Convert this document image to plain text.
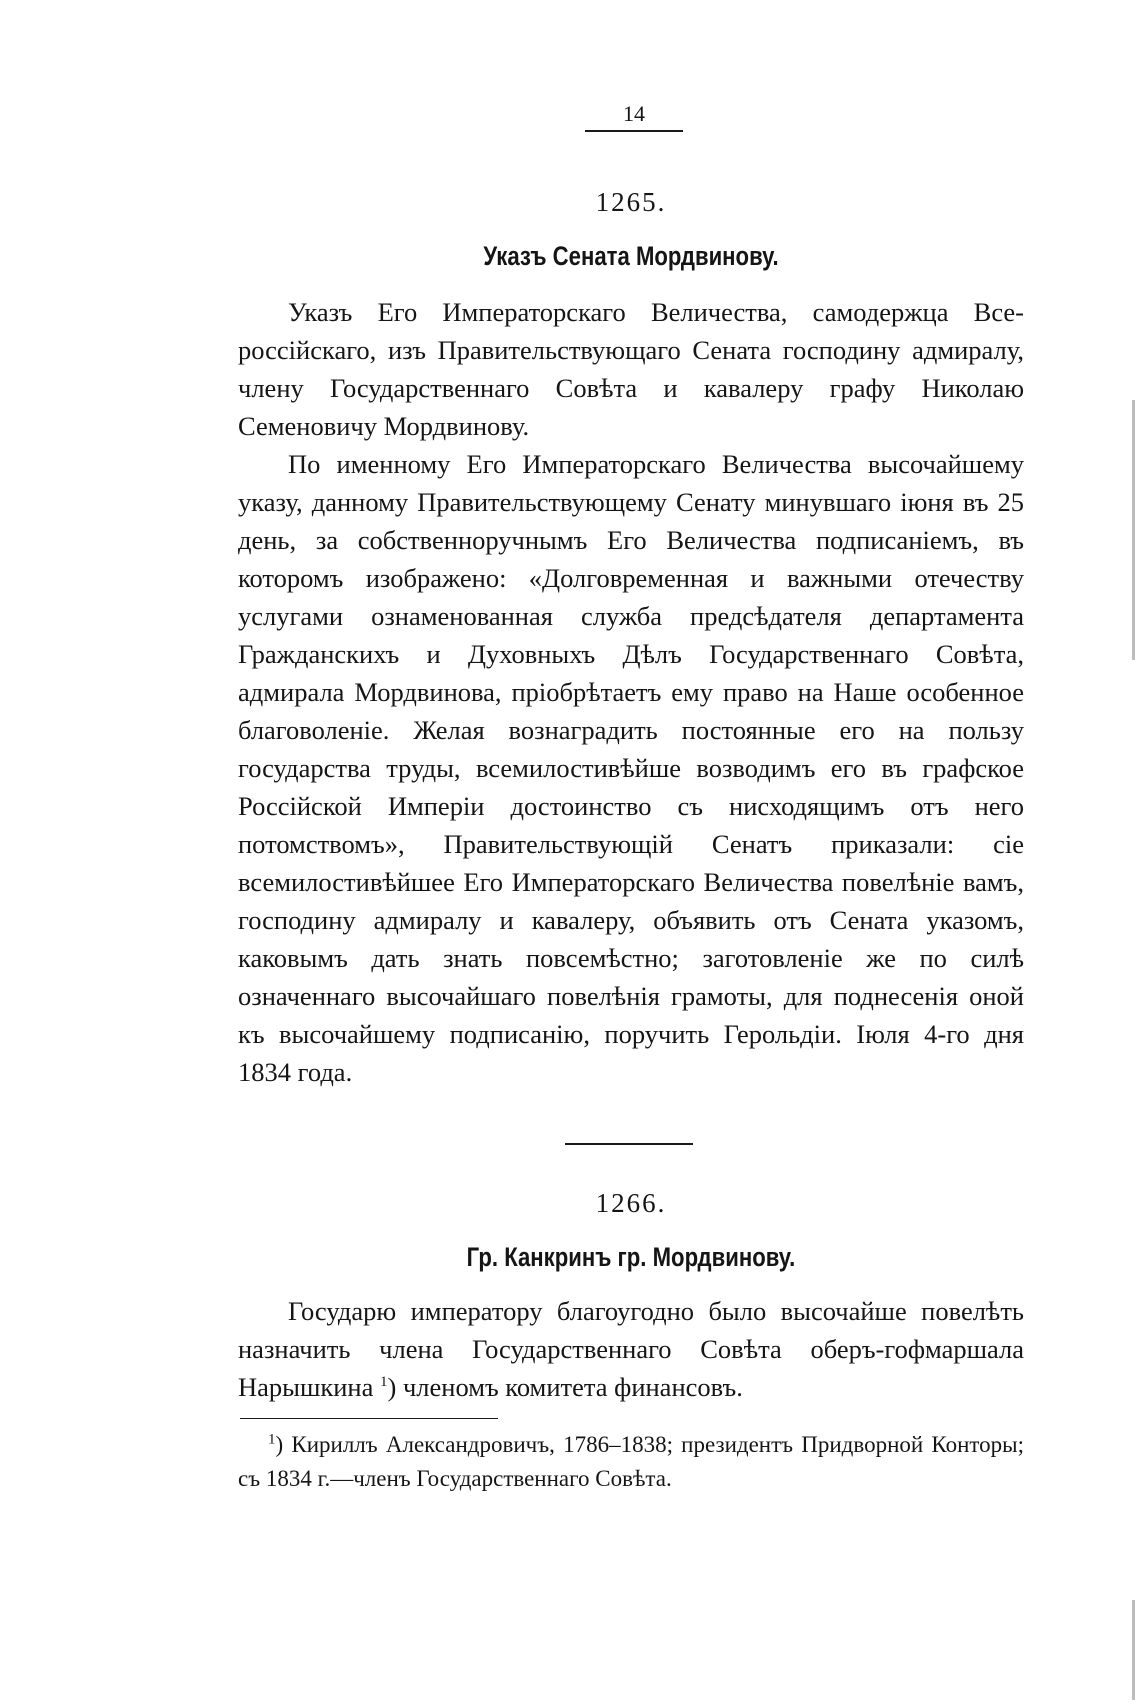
14
1265.
Указъ Сената Мордвинову.

Указъ Его Императорскаго Величества, самодержца Всероссійскаго, изъ Правительствующаго Сената господину адмиралу, члену Государственнаго Совѣта и кавалеру графу Николаю Семеновичу Мордвинову.

По именному Его Императорскаго Величества высочайшему указу, данному Правительствующему Сенату минувшаго іюня въ 25 день, за собственноручнымъ Его Величества подписаніемъ, въ которомъ изображено: «Долговременная и важными отечеству услугами ознаменованная служба предсѣдателя департамента Гражданскихъ и Духовныхъ Дѣлъ Государственнаго Совѣта, адмирала Мордвинова, пріобрѣтаетъ ему право на Наше особенное благоволеніе. Желая вознаградить постоянные его на пользу государства труды, всемилостивѣйше возводимъ его въ графское Россійской Имперіи достоинство съ нисходящимъ отъ него потомствомъ», Правительствующій Сенатъ приказали: сіе всемилостивѣйшее Его Императорскаго Величества повелѣніе вамъ, господину адмиралу и кавалеру, объявить отъ Сената указомъ, каковымъ дать знать повсемѣстно; заготовленіе же по силѣ означеннаго высочайшаго повелѣнія грамоты, для поднесенія оной къ высочайшему подписанію, поручить Герольдіи. Іюля 4-го дня 1834 года.

1266.
Гр. Канкринъ гр. Мордвинову.

Государю императору благоугодно было высочайше повелѣть назначить члена Государственнаго Совѣта оберъ-гофмаршала Нарышкина $^1$) членомъ комитета финансовъ.

$^1$) Кириллъ Александровичъ, 1786–1838; президентъ Придворной Конторы; съ 1834 г.—членъ Государственнаго Совѣта.
